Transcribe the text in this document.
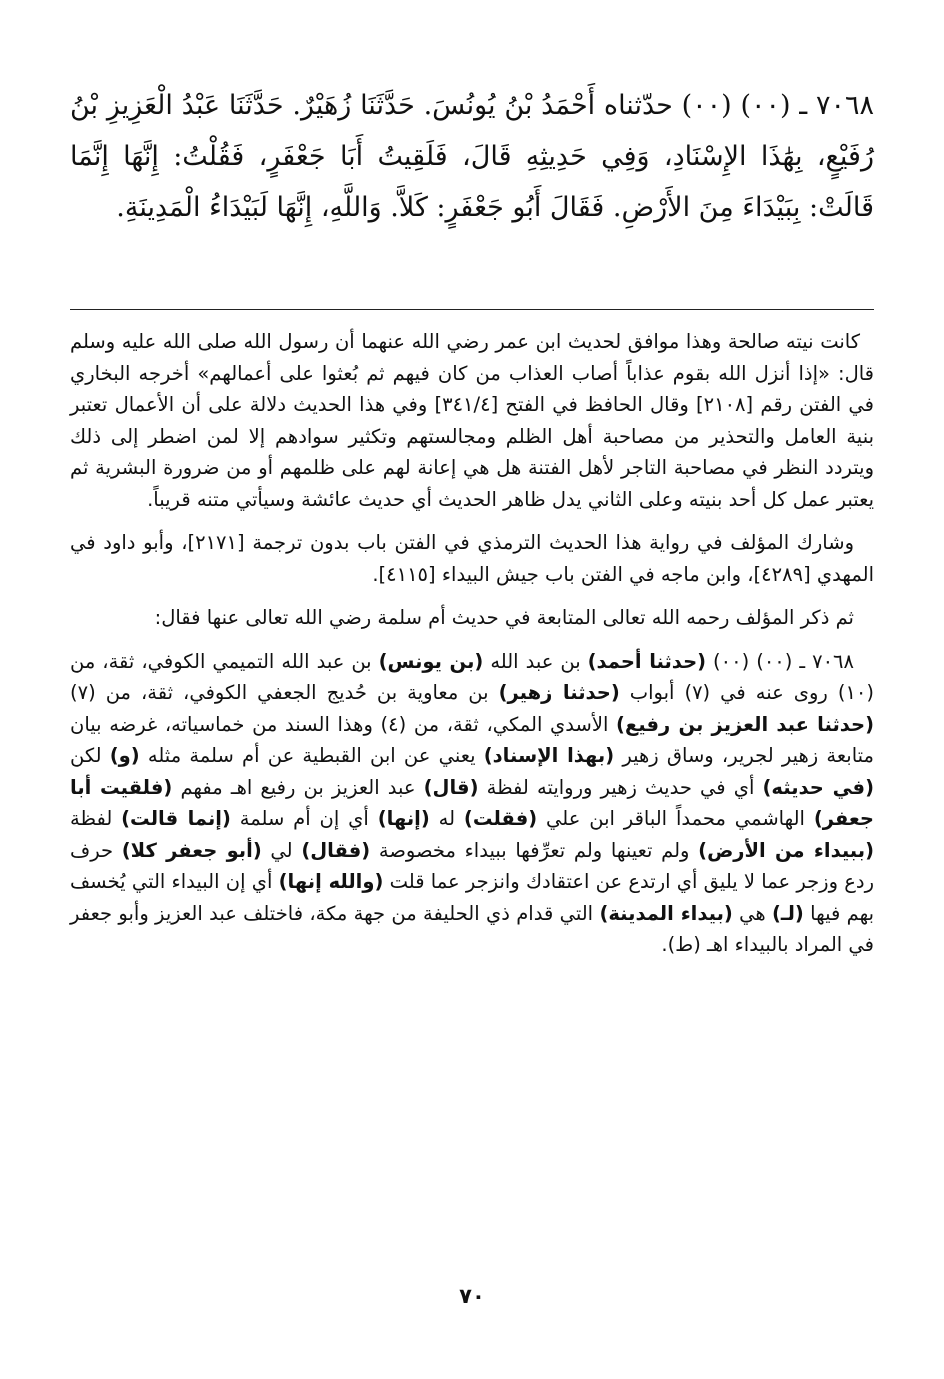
٧٠٦٨ ـ (٠٠) (٠٠) حدّثناه أَحْمَدُ بْنُ يُونُسَ. حَدَّثَنَا زُهَيْرٌ. حَدَّثَنَا عَبْدُ الْعَزِيزِ بْنُ رُفَيْعٍ، بِهَٰذَا الإِسْنَادِ، وَفِي حَدِيثِهِ قَالَ، فَلَقِيتُ أَبَا جَعْفَرٍ، فَقُلْتُ: إِنَّهَا إِنَّمَا قَالَتْ: بِبَيْدَاءَ مِنَ الأَرْضِ. فَقَالَ أَبُو جَعْفَرٍ: كَلاَّ. وَاللَّهِ، إِنَّهَا لَبَيْدَاءُ الْمَدِينَةِ.

كانت نيته صالحة وهذا موافق لحديث ابن عمر رضي الله عنهما أن رسول الله صلى الله عليه وسلم قال: «إذا أنزل الله بقوم عذاباً أصاب العذاب من كان فيهم ثم بُعثوا على أعمالهم» أخرجه البخاري في الفتن رقم [٢١٠٨] وقال الحافظ في الفتح [٣٤١/٤] وفي هذا الحديث دلالة على أن الأعمال تعتبر بنية العامل والتحذير من مصاحبة أهل الظلم ومجالستهم وتكثير سوادهم إلا لمن اضطر إلى ذلك ويتردد النظر في مصاحبة التاجر لأهل الفتنة هل هي إعانة لهم على ظلمهم أو من ضرورة البشرية ثم يعتبر عمل كل أحد بنيته وعلى الثاني يدل ظاهر الحديث أي حديث عائشة وسيأتي متنه قريباً.

وشارك المؤلف في رواية هذا الحديث الترمذي في الفتن باب بدون ترجمة [٢١٧١]، وأبو داود في المهدي [٤٢٨٩]، وابن ماجه في الفتن باب جيش البيداء [٤١١٥].

ثم ذكر المؤلف رحمه الله تعالى المتابعة في حديث أم سلمة رضي الله تعالى عنها فقال:

٧٠٦٨ ـ (٠٠) (٠٠) (حدثنا أحمد) بن عبد الله (بن يونس) بن عبد الله التميمي الكوفي، ثقة، من (١٠) روى عنه في (٧) أبواب (حدثنا زهير) بن معاوية بن حُديج الجعفي الكوفي، ثقة، من (٧) (حدثنا عبد العزيز بن رفيع) الأسدي المكي، ثقة، من (٤) وهذا السند من خماسياته، غرضه بيان متابعة زهير لجرير، وساق زهير (بهذا الإسناد) يعني عن ابن القبطية عن أم سلمة مثله (و) لكن (في حديثه) أي في حديث زهير وروايته لفظة (قال) عبد العزيز بن رفيع اهـ مفهم (فلقيت أبا جعفر) الهاشمي محمداً الباقر ابن علي (فقلت) له (إنها) أي إن أم سلمة (إنما قالت) لفظة (ببيداء من الأرض) ولم تعينها ولم تعرِّفها ببيداء مخصوصة (فقال) لي (أبو جعفر كلا) حرف ردع وزجر عما لا يليق أي ارتدع عن اعتقادك وانزجر عما قلت (والله إنها) أي إن البيداء التي يُخسف بهم فيها (لـ) هي (بيداء المدينة) التي قدام ذي الحليفة من جهة مكة، فاختلف عبد العزيز وأبو جعفر في المراد بالبيداء اهـ (ط).

٧٠
